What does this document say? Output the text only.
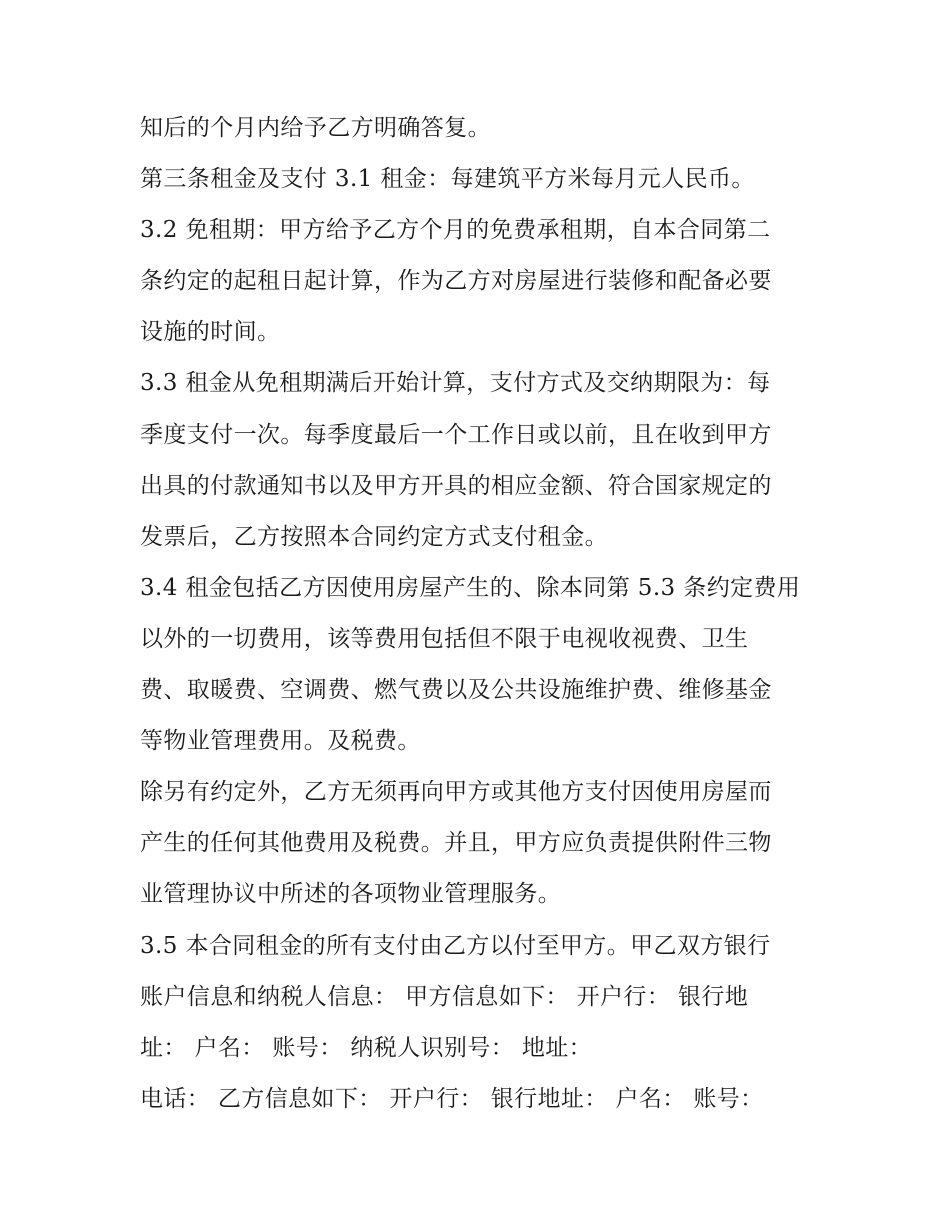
知后的个月内给予乙方明确答复。
第三条租金及支付 3.1 租金：每建筑平方米每月元人民币。
3.2 免租期：甲方给予乙方个月的免费承租期，自本合同第二
条约定的起租日起计算，作为乙方对房屋进行装修和配备必要
设施的时间。
3.3 租金从免租期满后开始计算，支付方式及交纳期限为：每
季度支付一次。每季度最后一个工作日或以前，且在收到甲方
出具的付款通知书以及甲方开具的相应金额、符合国家规定的
发票后，乙方按照本合同约定方式支付租金。
3.4 租金包括乙方因使用房屋产生的、除本同第 5.3 条约定费用
以外的一切费用，该等费用包括但不限于电视收视费、卫生
费、取暖费、空调费、燃气费以及公共设施维护费、维修基金
等物业管理费用。及税费。
除另有约定外，乙方无须再向甲方或其他方支付因使用房屋而
产生的任何其他费用及税费。并且，甲方应负责提供附件三物
业管理协议中所述的各项物业管理服务。
3.5 本合同租金的所有支付由乙方以付至甲方。甲乙双方银行
账户信息和纳税人信息： 甲方信息如下： 开户行： 银行地
址： 户名： 账号： 纳税人识别号： 地址：
电话： 乙方信息如下： 开户行： 银行地址： 户名： 账号：
